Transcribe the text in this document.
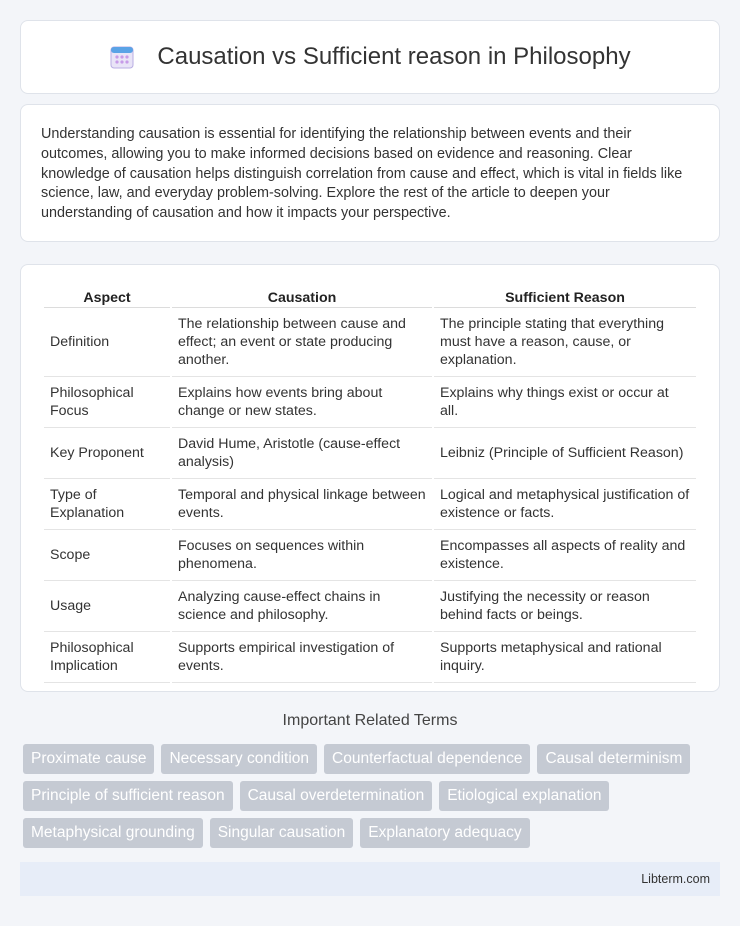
Causation vs Sufficient reason in Philosophy

Understanding causation is essential for identifying the relationship between events and their outcomes, allowing you to make informed decisions based on evidence and reasoning. Clear knowledge of causation helps distinguish correlation from cause and effect, which is vital in fields like science, law, and everyday problem-solving. Explore the rest of the article to deepen your understanding of causation and how it impacts your perspective.

Aspect	Causation	Sufficient Reason
Definition	The relationship between cause and effect; an event or state producing another.	The principle stating that everything must have a reason, cause, or explanation.
Philosophical Focus	Explains how events bring about change or new states.	Explains why things exist or occur at all.
Key Proponent	David Hume, Aristotle (cause-effect analysis)	Leibniz (Principle of Sufficient Reason)
Type of Explanation	Temporal and physical linkage between events.	Logical and metaphysical justification of existence or facts.
Scope	Focuses on sequences within phenomena.	Encompasses all aspects of reality and existence.
Usage	Analyzing cause-effect chains in science and philosophy.	Justifying the necessity or reason behind facts or beings.
Philosophical Implication	Supports empirical investigation of events.	Supports metaphysical and rational inquiry.
Important Related Terms
Proximate cause	Necessary condition	Counterfactual dependence	Causal determinism
Principle of sufficient reason	Causal overdetermination	Etiological explanation
Metaphysical grounding	Singular causation	Explanatory adequacy
Libterm.com
